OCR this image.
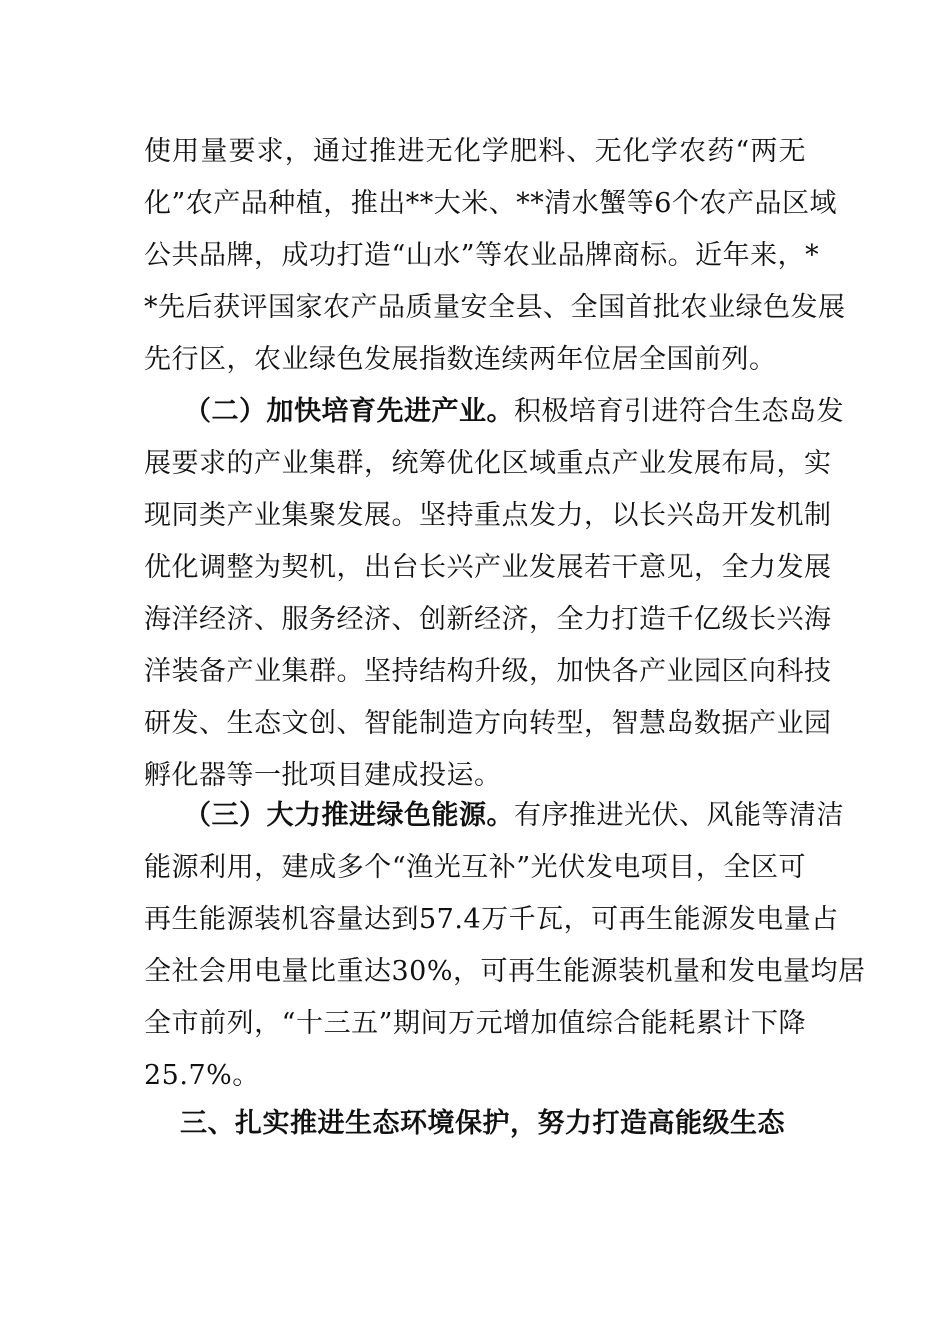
使用量要求，通过推进无化学肥料、无化学农药“两无
化”农产品种植，推出**大米、**清水蟹等6个农产品区域
公共品牌，成功打造“山水”等农业品牌商标。近年来，*
*先后获评国家农产品质量安全县、全国首批农业绿色发展
先行区，农业绿色发展指数连续两年位居全国前列。
（二）加快培育先进产业。积极培育引进符合生态岛发
展要求的产业集群，统筹优化区域重点产业发展布局，实
现同类产业集聚发展。坚持重点发力，以长兴岛开发机制
优化调整为契机，出台长兴产业发展若干意见，全力发展
海洋经济、服务经济、创新经济，全力打造千亿级长兴海
洋装备产业集群。坚持结构升级，加快各产业园区向科技
研发、生态文创、智能制造方向转型，智慧岛数据产业园
孵化器等一批项目建成投运。
（三）大力推进绿色能源。有序推进光伏、风能等清洁
能源利用，建成多个“渔光互补”光伏发电项目，全区可
再生能源装机容量达到57.4万千瓦，可再生能源发电量占
全社会用电量比重达30%，可再生能源装机量和发电量均居
全市前列，“十三五”期间万元增加值综合能耗累计下降
25.7%。
三、扎实推进生态环境保护，努力打造高能级生态
